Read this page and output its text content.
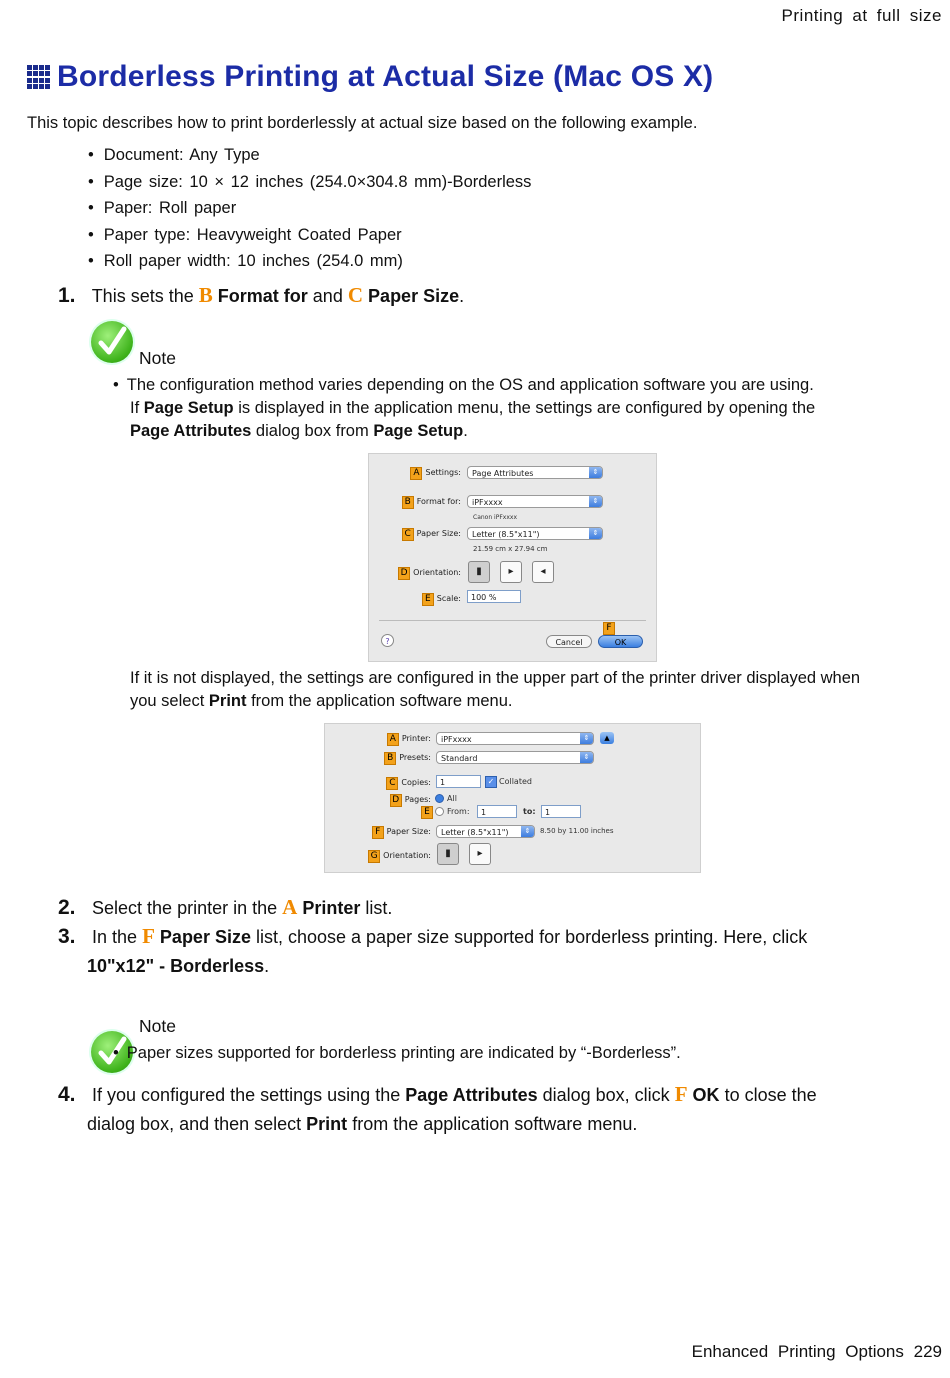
Printing at full size
Borderless Printing at Actual Size (Mac OS X)
This topic describes how to print borderlessly at actual size based on the following example.
• Document: Any Type
• Page size: 10 × 12 inches (254.0×304.8 mm)-Borderless
• Paper: Roll paper
• Paper type: Heavyweight Coated Paper
• Roll paper width: 10 inches (254.0 mm)
1. This sets the B Format for and C Paper Size.
Note
• The configuration method varies depending on the OS and application software you are using.
If Page Setup is displayed in the application menu, the settings are configured by opening the
Page Attributes dialog box from Page Setup.
A Settings:	Page Attributes	⇕
B Format for:	iPFxxxx	⇕
Canon iPFxxxx
C Paper Size:	Letter (8.5"x11")	⇕
21.59 cm x 27.94 cm
D Orientation:	▮	▸	◂
E Scale:	100 %
?	Cancel
F
OK
If it is not displayed, the settings are configured in the upper part of the printer driver displayed when
you select Print from the application software menu.
A Printer:	iPFxxxx	⇕	▲
B Presets:	Standard	⇕
C Copies:	1	✓ Collated
D Pages: All
E	From:	1	to:	1
F Paper Size:	Letter (8.5"x11")	⇕	8.50 by 11.00 inches
G Orientation:	▮	▸
2. Select the printer in the A Printer list.
3. In the F Paper Size list, choose a paper size supported for borderless printing. Here, click
10"x12" - Borderless.
Note
• Paper sizes supported for borderless printing are indicated by “-Borderless”.
4. If you configured the settings using the Page Attributes dialog box, click F OK to close the
dialog box, and then select Print from the application software menu.
Enhanced Printing Options 229
